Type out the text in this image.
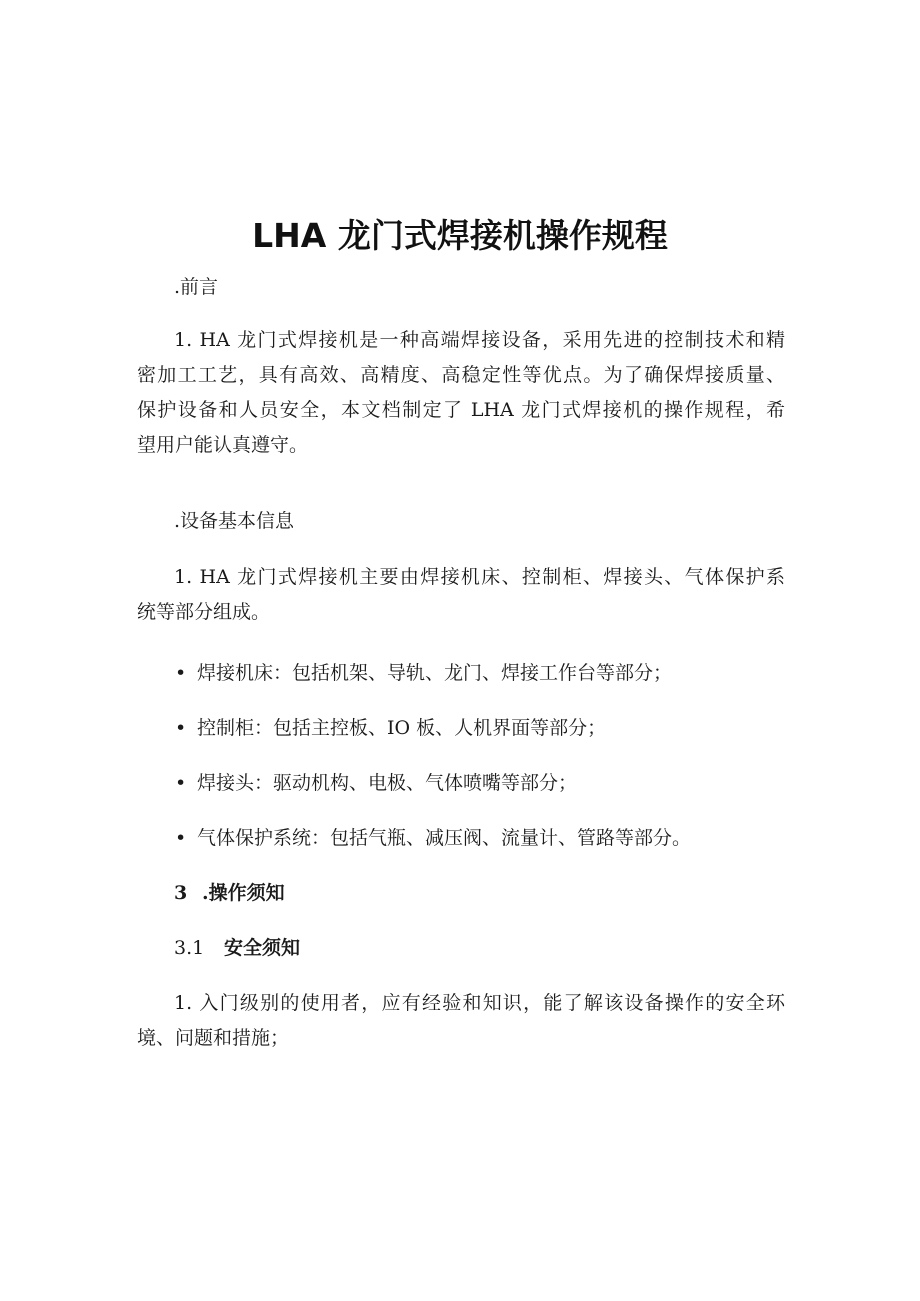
LHA 龙门式焊接机操作规程
.前言
1. HA 龙门式焊接机是一种高端焊接设备，采用先进的控制技术和精
密加工工艺，具有高效、高精度、高稳定性等优点。为了确保焊接质量、
保护设备和人员安全，本文档制定了 LHA 龙门式焊接机的操作规程，希
望用户能认真遵守。
.设备基本信息
1. HA 龙门式焊接机主要由焊接机床、控制柜、焊接头、气体保护系
统等部分组成。
• 焊接机床：包括机架、导轨、龙门、焊接工作台等部分；
• 控制柜：包括主控板、IO 板、人机界面等部分；
• 焊接头：驱动机构、电极、气体喷嘴等部分；
• 气体保护系统：包括气瓶、减压阀、流量计、管路等部分。
3 .操作须知
3.1 安全须知
1. 入门级别的使用者，应有经验和知识，能了解该设备操作的安全环
境、问题和措施；
